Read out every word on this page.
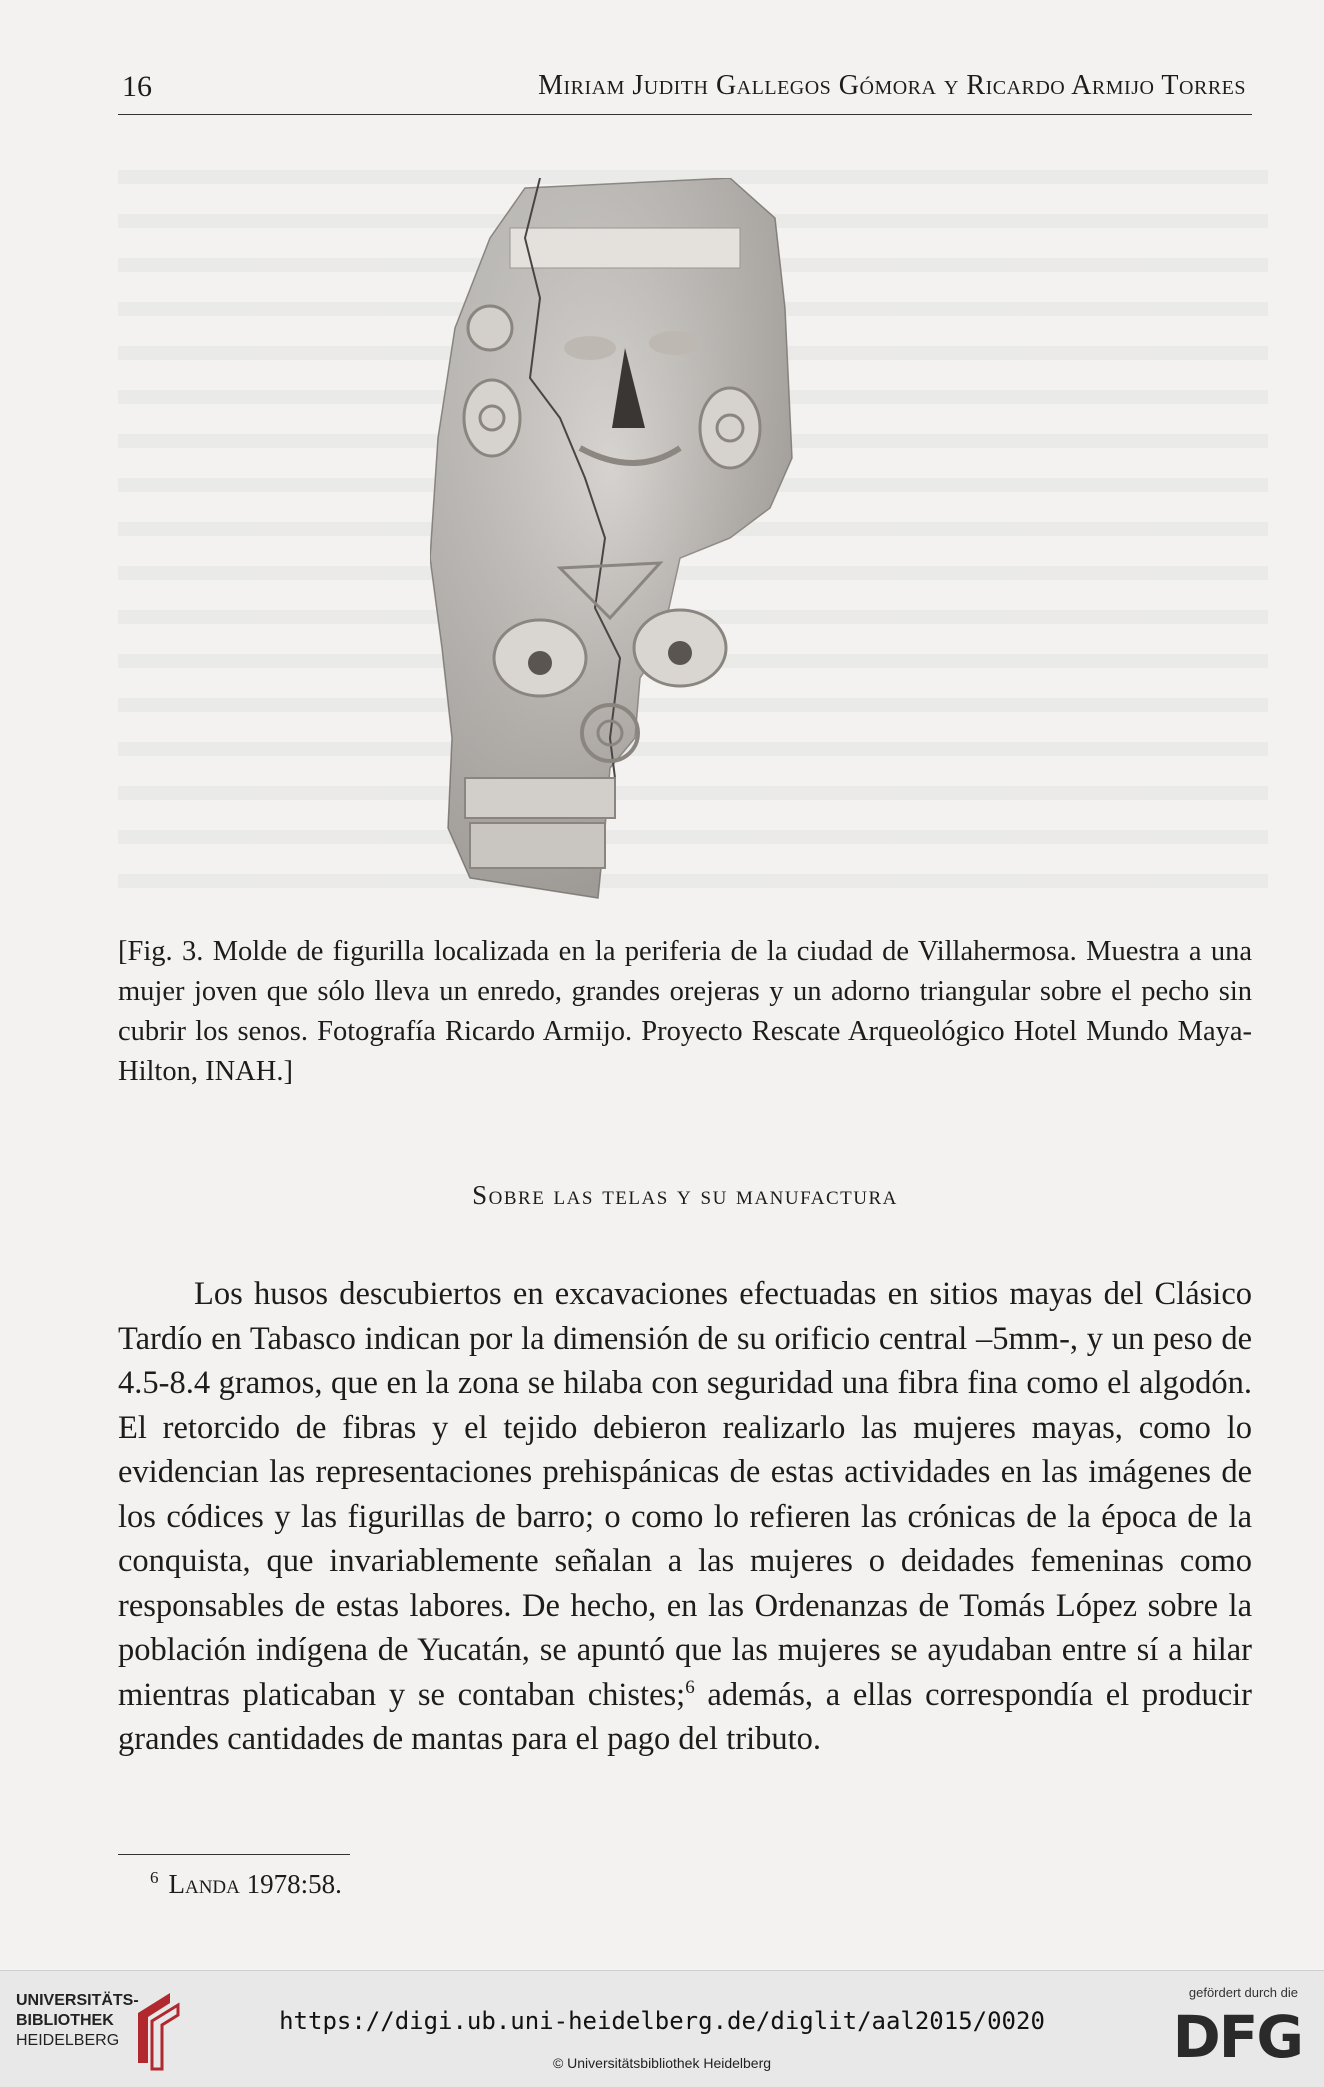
16	Miriam Judith Gallegos Gómora y Ricardo Armijo Torres
[Fig. 3. Molde de figurilla localizada en la periferia de la ciudad de Villahermosa. Muestra a una mujer joven que sólo lleva un enredo, grandes orejeras y un adorno triangular sobre el pecho sin cubrir los senos. Fotografía Ricardo Armijo. Proyecto Rescate Arqueológico Hotel Mundo Maya-Hilton, INAH.]
Sobre las telas y su manufactura

Los husos descubiertos en excavaciones efectuadas en sitios mayas del Clásico Tardío en Tabasco indican por la dimensión de su orificio central –5mm-, y un peso de 4.5-8.4 gramos, que en la zona se hilaba con seguridad una fibra fina como el algodón. El retorcido de fibras y el tejido debieron realizarlo las mujeres mayas, como lo evidencian las representaciones prehispánicas de estas actividades en las imágenes de los códices y las figurillas de barro; o como lo refieren las crónicas de la época de la conquista, que invariablemente señalan a las mujeres o deidades femeninas como responsables de estas labores. De hecho, en las Ordenanzas de Tomás López sobre la población indígena de Yucatán, se apuntó que las mujeres se ayudaban entre sí a hilar mientras platicaban y se contaban chistes;$^6$ además, a ellas correspondía el producir grandes cantidades de mantas para el pago del tributo.

$^6$ Landa 1978:58.
UNIVERSITÄTS-
BIBLIOTHEK
HEIDELBERG
https://digi.ub.uni-heidelberg.de/diglit/aal2015/0020
© Universitätsbibliothek Heidelberg
gefördert durch die
DFG
